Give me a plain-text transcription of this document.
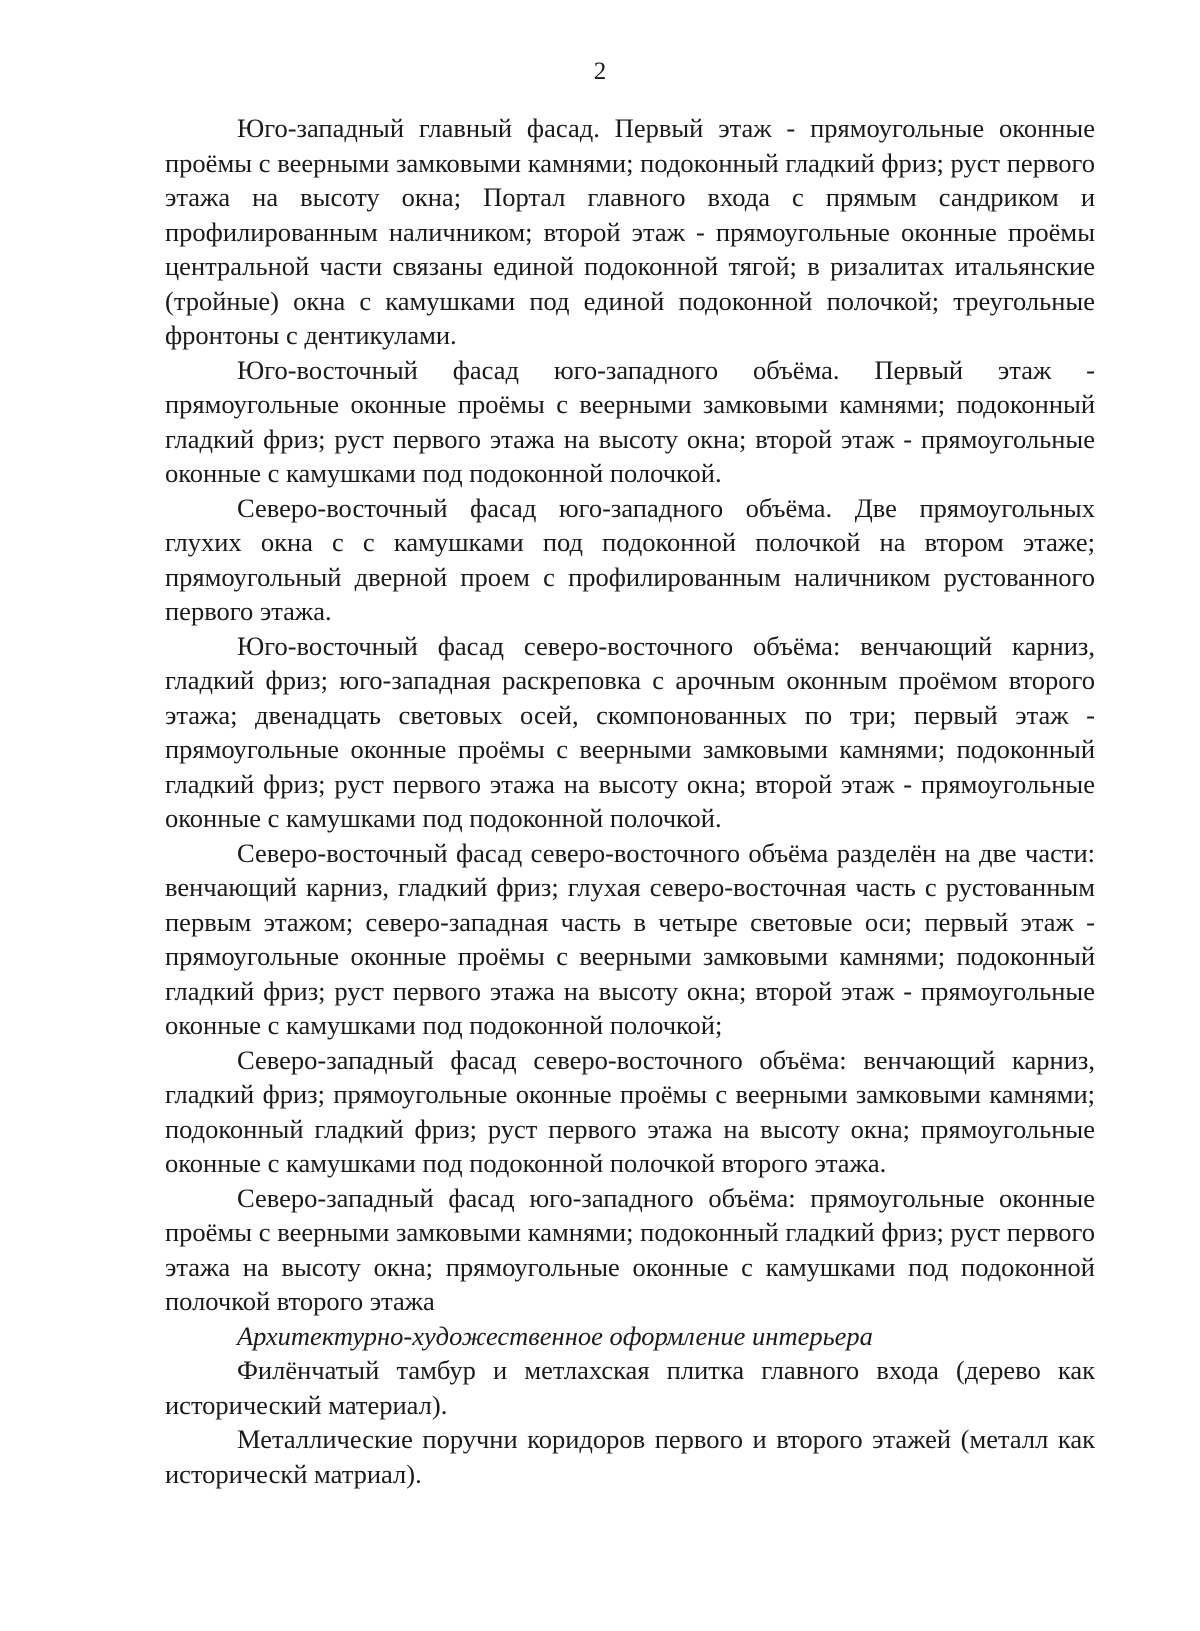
2

Юго-западный главный фасад. Первый этаж - прямоугольные оконные проёмы с веерными замковыми камнями; подоконный гладкий фриз; руст первого этажа на высоту окна; Портал главного входа с прямым сандриком и профилированным наличником; второй этаж - прямоугольные оконные проёмы центральной части связаны единой подоконной тягой; в ризалитах итальянские (тройные) окна с камушками под единой подоконной полочкой; треугольные фронтоны с дентикулами.

Юго-восточный фасад юго-западного объёма. Первый этаж - прямоугольные оконные проёмы с веерными замковыми камнями; подоконный гладкий фриз; руст первого этажа на высоту окна; второй этаж - прямоугольные оконные с камушками под подоконной полочкой.

Северо-восточный фасад юго-западного объёма. Две прямоугольных глухих окна с с камушками под подоконной полочкой на втором этаже; прямоугольный дверной проем с профилированным наличником рустованного первого этажа.

Юго-восточный фасад северо-восточного объёма: венчающий карниз, гладкий фриз; юго-западная раскреповка с арочным оконным проёмом второго этажа; двенадцать световых осей, скомпонованных по три; первый этаж - прямоугольные оконные проёмы с веерными замковыми камнями; подоконный гладкий фриз; руст первого этажа на высоту окна; второй этаж - прямоугольные оконные с камушками под подоконной полочкой.

Северо-восточный фасад северо-восточного объёма разделён на две части: венчающий карниз, гладкий фриз; глухая северо-восточная часть с рустованным первым этажом; северо-западная часть в четыре световые оси; первый этаж - прямоугольные оконные проёмы с веерными замковыми камнями; подоконный гладкий фриз; руст первого этажа на высоту окна; второй этаж - прямоугольные оконные с камушками под подоконной полочкой;

Северо-западный фасад северо-восточного объёма: венчающий карниз, гладкий фриз; прямоугольные оконные проёмы с веерными замковыми камнями; подоконный гладкий фриз; руст первого этажа на высоту окна; прямоугольные оконные с камушками под подоконной полочкой второго этажа.

Северо-западный фасад юго-западного объёма: прямоугольные оконные проёмы с веерными замковыми камнями; подоконный гладкий фриз; руст первого этажа на высоту окна; прямоугольные оконные с камушками под подоконной полочкой второго этажа

Архитектурно-художественное оформление интерьера

Филёнчатый тамбур и метлахская плитка главного входа (дерево как исторический материал).

Металлические поручни коридоров первого и второго этажей (металл как историческй матриал).
